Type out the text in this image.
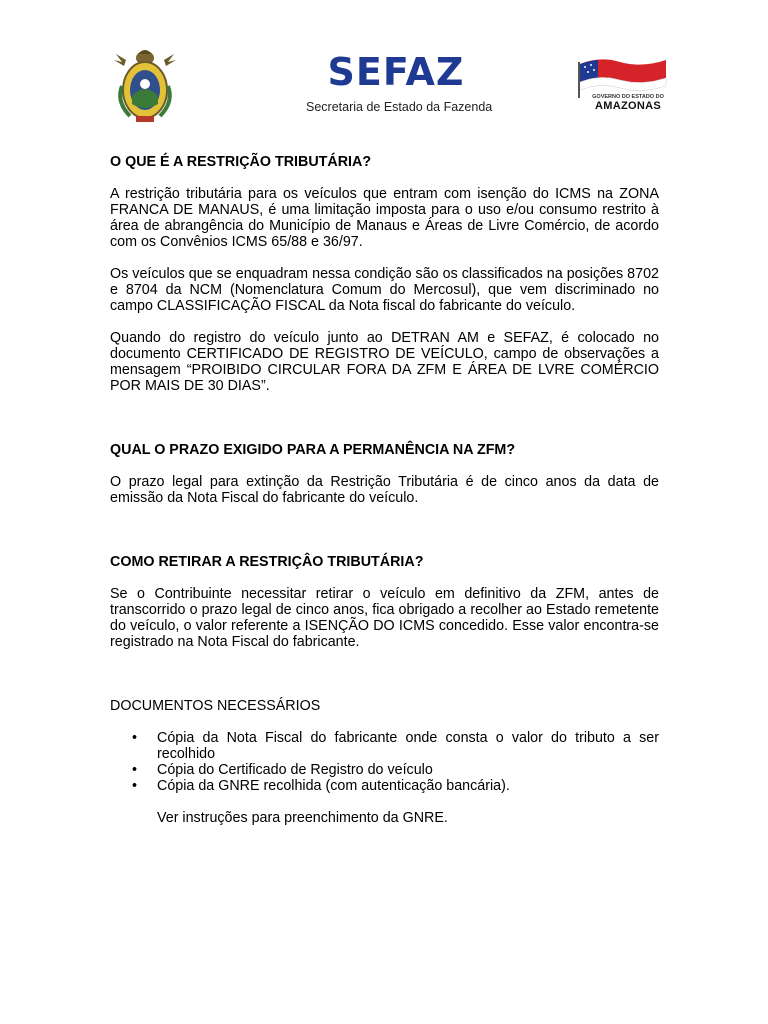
SEFAZ
Secretaria de Estado da Fazenda
GOVERNO DO ESTADO DO
AMAZONAS

O QUE É A RESTRIÇÃO TRIBUTÁRIA?

A restrição tributária para os veículos que entram com isenção do ICMS na ZONA FRANCA DE MANAUS, é uma limitação imposta para o uso e/ou consumo restrito à área de abrangência do Município de Manaus e Áreas de Livre Comércio, de acordo com os Convênios ICMS 65/88 e 36/97.

Os veículos que se enquadram nessa condição são os classificados na posições 8702 e 8704 da NCM (Nomenclatura Comum do Mercosul), que vem discriminado no campo CLASSIFICAÇÃO FISCAL da Nota fiscal do fabricante do veículo.

Quando do registro do veículo junto ao DETRAN AM e SEFAZ, é colocado no documento CERTIFICADO DE REGISTRO DE VEÍCULO, campo de observações a mensagem “PROIBIDO CIRCULAR FORA DA ZFM E ÁREA DE LVRE COMÉRCIO POR MAIS DE 30 DIAS”.

QUAL O PRAZO EXIGIDO PARA A PERMANÊNCIA NA ZFM?

O prazo legal para extinção da Restrição Tributária é de cinco anos da data de emissão da Nota Fiscal do fabricante do veículo.

COMO RETIRAR A RESTRIÇÂO TRIBUTÁRIA?

Se o Contribuinte necessitar retirar o veículo em definitivo da ZFM, antes de transcorrido o prazo legal de cinco anos, fica obrigado a recolher ao Estado remetente do veículo, o valor referente a ISENÇÃO DO ICMS concedido. Esse valor encontra-se registrado na Nota Fiscal do fabricante.

DOCUMENTOS NECESSÁRIOS

• Cópia da Nota Fiscal do fabricante onde consta o valor do tributo a ser recolhido
• Cópia do Certificado de Registro do veículo
• Cópia da GNRE recolhida (com autenticação bancária).

Ver instruções para preenchimento da GNRE.
